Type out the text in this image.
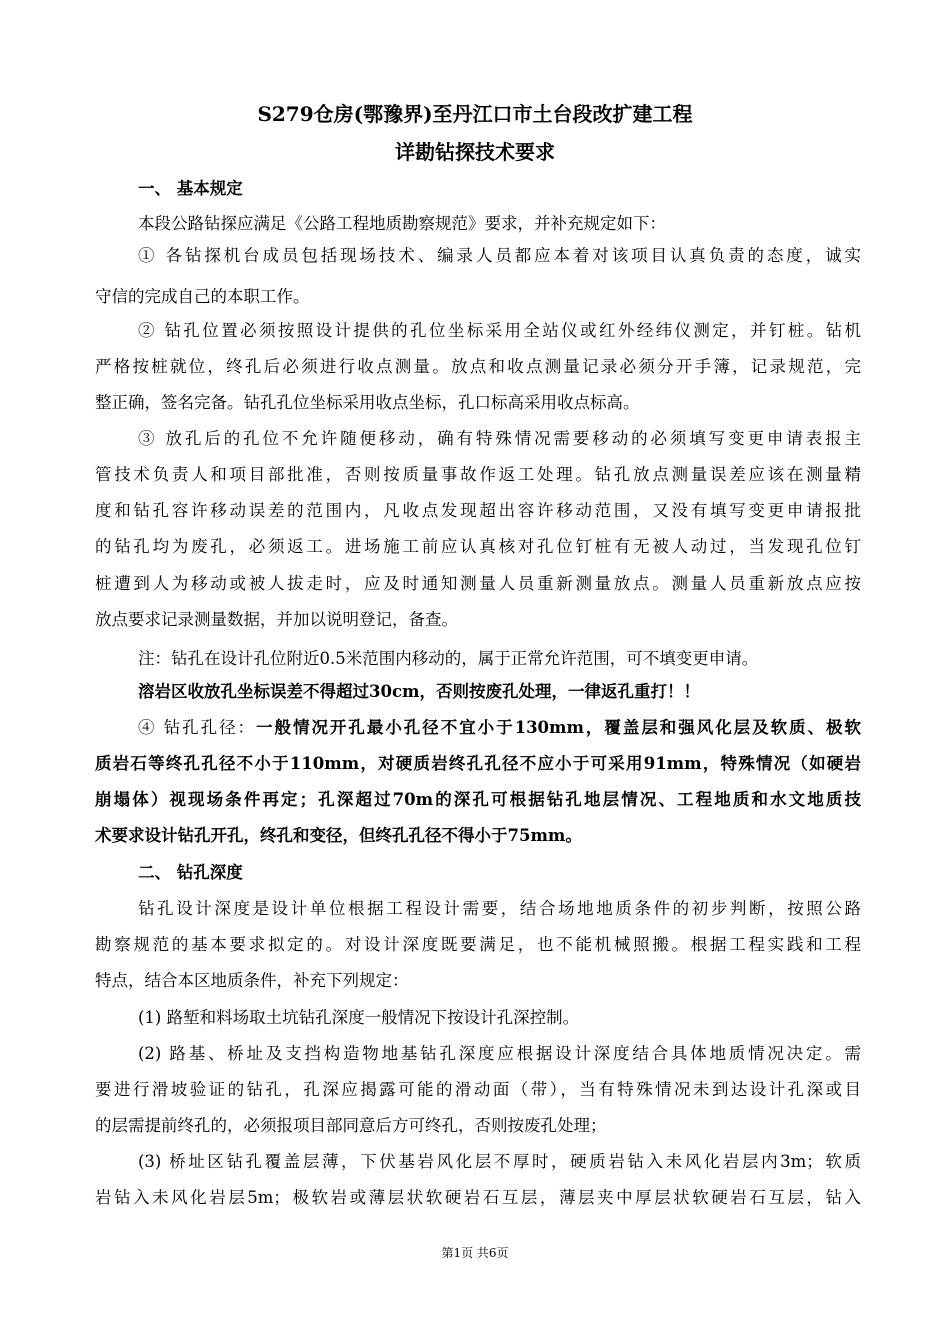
S279仓房(鄂豫界)至丹江口市土台段改扩建工程
详勘钻探技术要求
一、 基本规定
本段公路钻探应满足《公路工程地质勘察规范》要求，并补充规定如下：
① 各钻探机台成员包括现场技术、编录人员都应本着对该项目认真负责的态度，诚实
守信的完成自己的本职工作。
② 钻孔位置必须按照设计提供的孔位坐标采用全站仪或红外经纬仪测定，并钉桩。钻机
严格按桩就位，终孔后必须进行收点测量。放点和收点测量记录必须分开手簿，记录规范，完
整正确，签名完备。钻孔孔位坐标采用收点坐标，孔口标高采用收点标高。
③ 放孔后的孔位不允许随便移动，确有特殊情况需要移动的必须填写变更申请表报主
管技术负责人和项目部批准，否则按质量事故作返工处理。钻孔放点测量误差应该在测量精
度和钻孔容许移动误差的范围内，凡收点发现超出容许移动范围，又没有填写变更申请报批
的钻孔均为废孔，必须返工。进场施工前应认真核对孔位钉桩有无被人动过，当发现孔位钉
桩遭到人为移动或被人拔走时，应及时通知测量人员重新测量放点。测量人员重新放点应按
放点要求记录测量数据，并加以说明登记，备查。
注：钻孔在设计孔位附近0.5米范围内移动的，属于正常允许范围，可不填变更申请。
溶岩区收放孔坐标误差不得超过30cm，否则按废孔处理，一律返孔重打！！
④ 钻孔孔径：一般情况开孔最小孔径不宜小于130mm，覆盖层和强风化层及软质、极软
质岩石等终孔孔径不小于110mm，对硬质岩终孔孔径不应小于可采用91mm，特殊情况（如硬岩
崩塌体）视现场条件再定；孔深超过70m的深孔可根据钻孔地层情况、工程地质和水文地质技
术要求设计钻孔开孔，终孔和变径，但终孔孔径不得小于75mm。
二、 钻孔深度
钻孔设计深度是设计单位根据工程设计需要，结合场地地质条件的初步判断，按照公路
勘察规范的基本要求拟定的。对设计深度既要满足，也不能机械照搬。根据工程实践和工程
特点，结合本区地质条件，补充下列规定：
(1) 路堑和料场取土坑钻孔深度一般情况下按设计孔深控制。
(2) 路基、桥址及支挡构造物地基钻孔深度应根据设计深度结合具体地质情况决定。需
要进行滑坡验证的钻孔，孔深应揭露可能的滑动面（带），当有特殊情况未到达设计孔深或目
的层需提前终孔的，必须报项目部同意后方可终孔，否则按废孔处理；
(3) 桥址区钻孔覆盖层薄，下伏基岩风化层不厚时，硬质岩钻入未风化岩层内3m；软质
岩钻入未风化岩层5m；极软岩或薄层状软硬岩石互层，薄层夹中厚层状软硬岩石互层，钻入
第1页 共6页
